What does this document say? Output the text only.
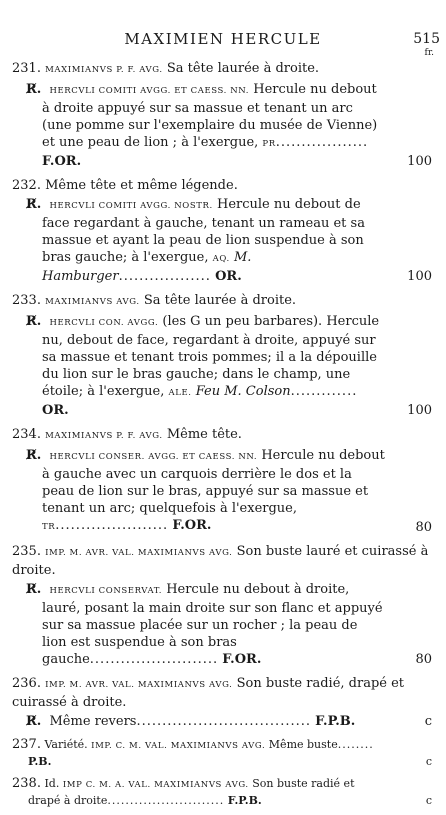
MAXIMIEN HERCULE	515
fr.

231. MAXIMIANVS P. F. AVG. Sa tête laurée à droite.

R̸. HERCVLI COMITI AVGG. ET CAESS. NN. Hercule nu debout à droite appuyé sur sa massue et tenant un arc (une pomme sur l'exemplaire du musée de Vienne) et une peau de lion ; à l'exergue, PR.................. F.OR.	100

232. Même tête et même légende.

R̸. HERCVLI COMITI AVGG. NOSTR. Hercule nu debout de face regardant à gauche, tenant un rameau et sa massue et ayant la peau de lion suspendue à son bras gauche; à l'exergue, AQ. M. Hamburger.................. OR.	100

233. MAXIMIANVS AVG. Sa tête laurée à droite.

R̸. HERCVLI CON. AVGG. (les G un peu barbares). Hercule nu, debout de face, regardant à droite, appuyé sur sa massue et tenant trois pommes; il a la dépouille du lion sur le bras gauche; dans le champ, une étoile; à l'exergue, ALE. Feu M. Colson............. OR.	100

234. MAXIMIANVS P. F. AVG. Même tête.

R̸. HERCVLI CONSER. AVGG. ET CAESS. NN. Hercule nu debout à gauche avec un carquois derrière le dos et la peau de lion sur le bras, appuyé sur sa massue et tenant un arc; quelquefois à l'exergue, TR...................... F.OR.	80

235. IMP. M. AVR. VAL. MAXIMIANVS AVG. Son buste lauré et cuirassé à droite.

R̸. HERCVLI CONSERVAT. Hercule nu debout à droite, lauré, posant la main droite sur son flanc et appuyé sur sa massue placée sur un rocher ; la peau de lion est suspendue à son bras gauche......................... F.OR.	80

236. IMP. M. AVR. VAL. MAXIMIANVS AVG. Son buste radié, drapé et cuirassé à droite.

R̸. Même revers.................................. F.P.B.	c

237. Variété. IMP. C. M. VAL. MAXIMIANVS AVG. Même buste........ P.B.	c

238. Id. IMP C. M. A. VAL. MAXIMIANVS AVG. Son buste radié et drapé à droite.......................... F.P.B.	c
